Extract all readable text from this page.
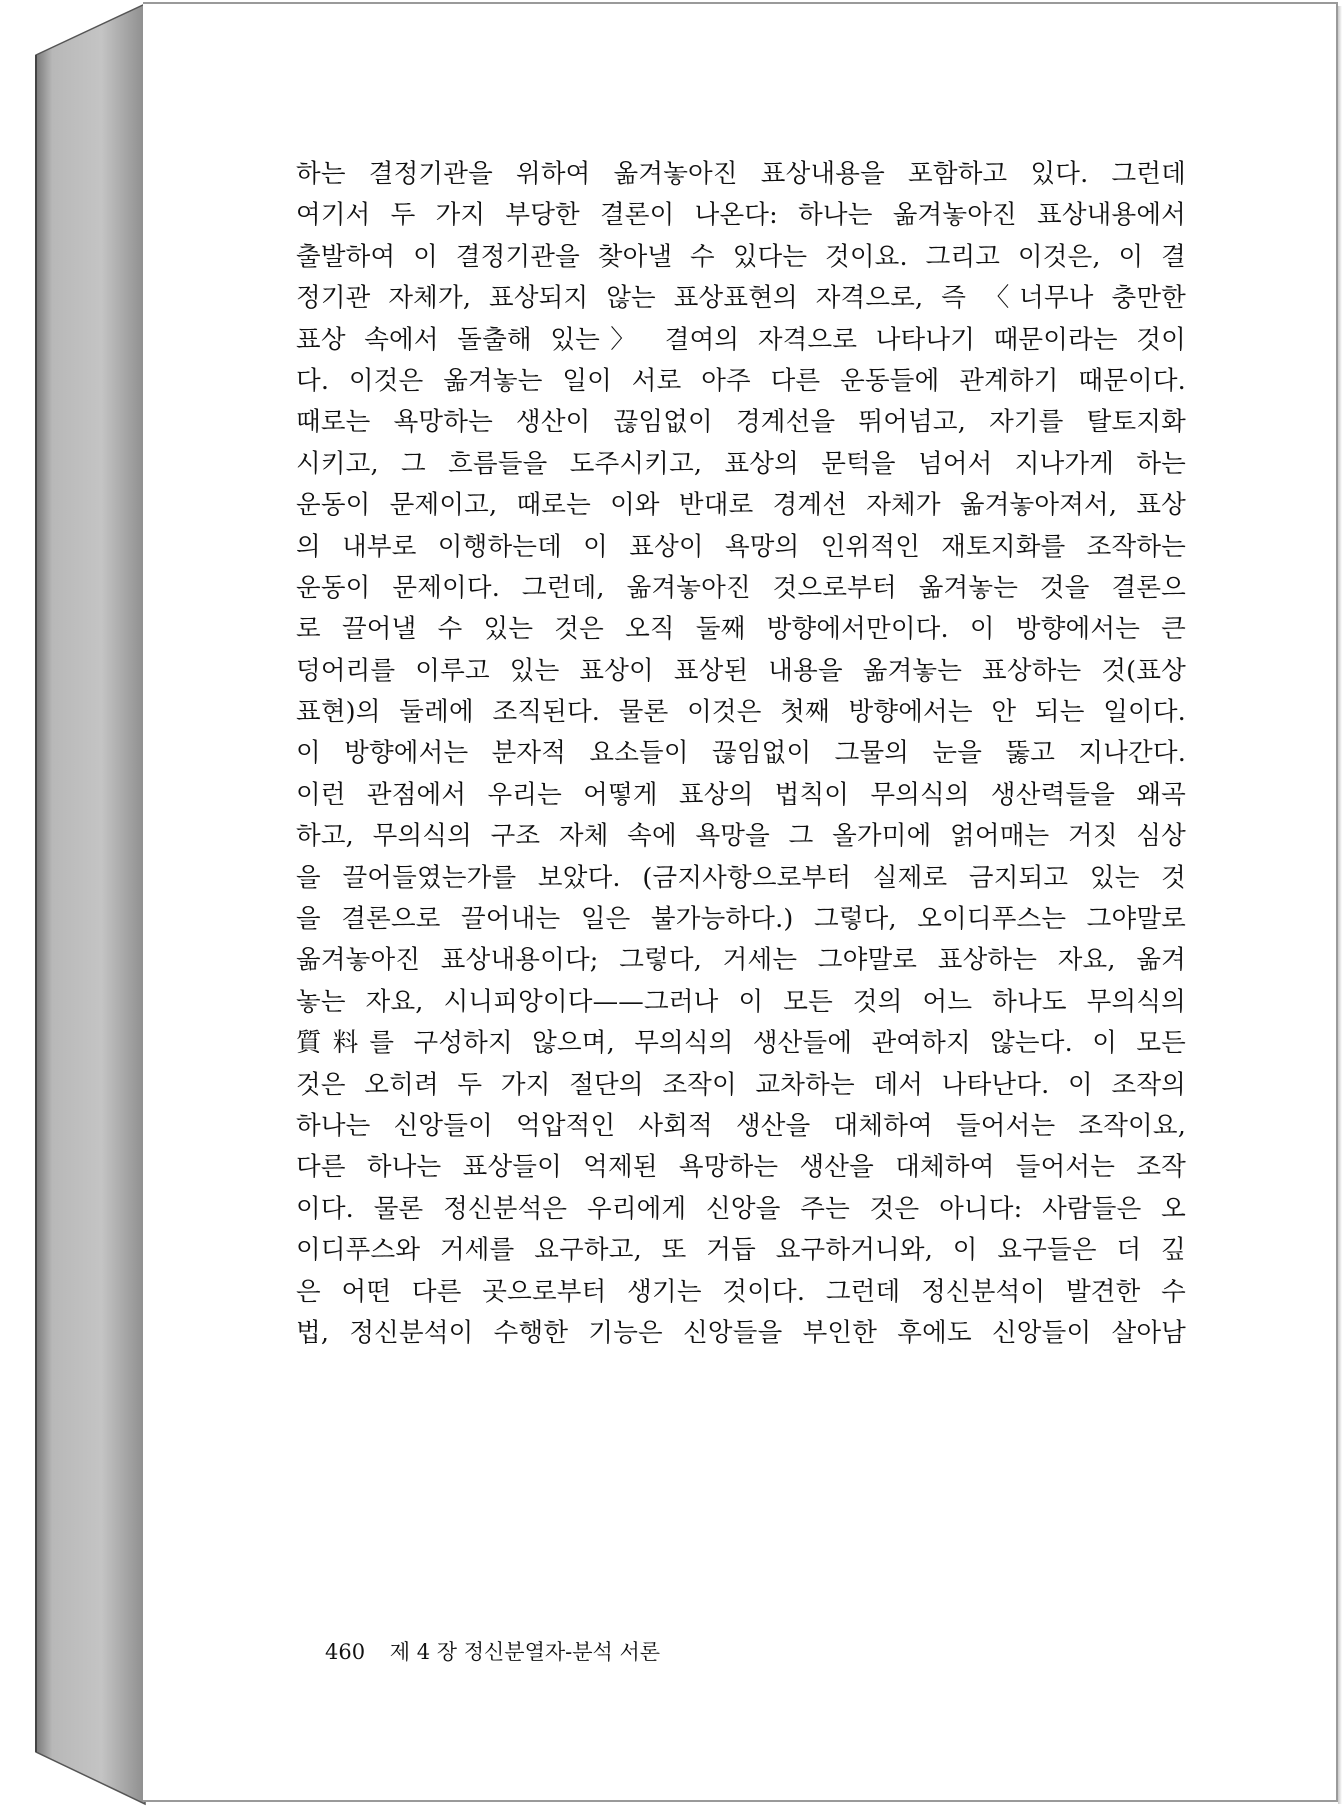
하는 결정기관을 위하여 옮겨놓아진 표상내용을 포함하고 있다. 그런데
여기서 두 가지 부당한 결론이 나온다: 하나는 옮겨놓아진 표상내용에서
출발하여 이 결정기관을 찾아낼 수 있다는 것이요. 그리고 이것은, 이 결
정기관 자체가, 표상되지 않는 표상표현의 자격으로, 즉 〈너무나 충만한
표상 속에서 돌출해 있는〉 결여의 자격으로 나타나기 때문이라는 것이
다. 이것은 옮겨놓는 일이 서로 아주 다른 운동들에 관계하기 때문이다.
때로는 욕망하는 생산이 끊임없이 경계선을 뛰어넘고, 자기를 탈토지화
시키고, 그 흐름들을 도주시키고, 표상의 문턱을 넘어서 지나가게 하는
운동이 문제이고, 때로는 이와 반대로 경계선 자체가 옮겨놓아져서, 표상
의 내부로 이행하는데 이 표상이 욕망의 인위적인 재토지화를 조작하는
운동이 문제이다. 그런데, 옮겨놓아진 것으로부터 옮겨놓는 것을 결론으
로 끌어낼 수 있는 것은 오직 둘째 방향에서만이다. 이 방향에서는 큰
덩어리를 이루고 있는 표상이 표상된 내용을 옮겨놓는 표상하는 것(표상
표현)의 둘레에 조직된다. 물론 이것은 첫째 방향에서는 안 되는 일이다.
이 방향에서는 분자적 요소들이 끊임없이 그물의 눈을 뚫고 지나간다.
이런 관점에서 우리는 어떻게 표상의 법칙이 무의식의 생산력들을 왜곡
하고, 무의식의 구조 자체 속에 욕망을 그 올가미에 얽어매는 거짓 심상
을 끌어들였는가를 보았다. (금지사항으로부터 실제로 금지되고 있는 것
을 결론으로 끌어내는 일은 불가능하다.) 그렇다, 오이디푸스는 그야말로
옮겨놓아진 표상내용이다; 그렇다, 거세는 그야말로 표상하는 자요, 옮겨
놓는 자요, 시니피앙이다——그러나 이 모든 것의 어느 하나도 무의식의
質料를 구성하지 않으며, 무의식의 생산들에 관여하지 않는다. 이 모든
것은 오히려 두 가지 절단의 조작이 교차하는 데서 나타난다. 이 조작의
하나는 신앙들이 억압적인 사회적 생산을 대체하여 들어서는 조작이요,
다른 하나는 표상들이 억제된 욕망하는 생산을 대체하여 들어서는 조작
이다. 물론 정신분석은 우리에게 신앙을 주는 것은 아니다: 사람들은 오
이디푸스와 거세를 요구하고, 또 거듭 요구하거니와, 이 요구들은 더 깊
은 어떤 다른 곳으로부터 생기는 것이다. 그런데 정신분석이 발견한 수
법, 정신분석이 수행한 기능은 신앙들을 부인한 후에도 신앙들이 살아남
460 제 4 장 정신분열자-분석 서론
